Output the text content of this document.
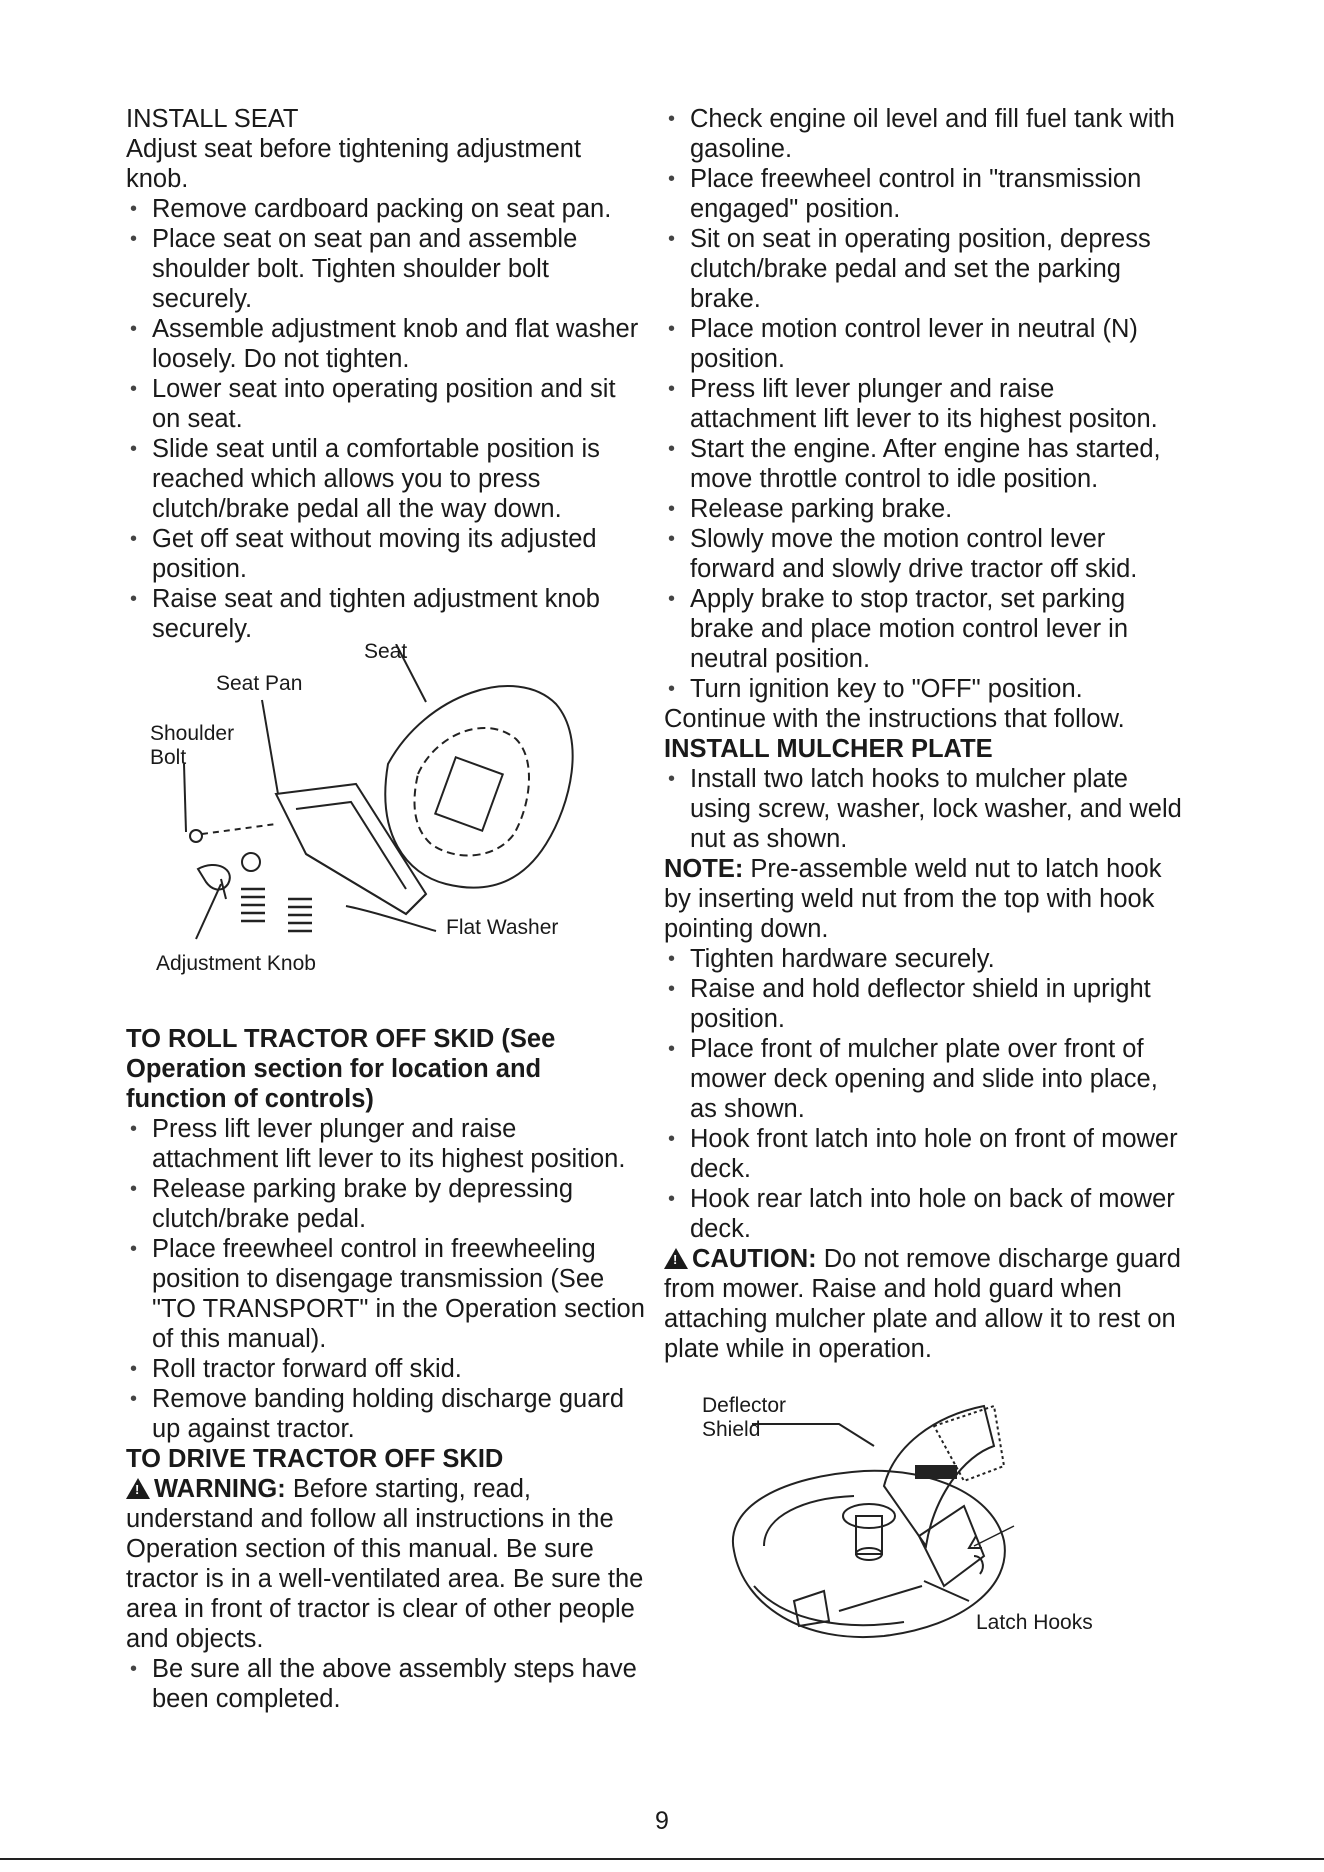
INSTALL SEAT

Adjust seat before tightening adjustment knob.

• Remove cardboard packing on seat pan.
• Place seat on seat pan and assemble shoulder bolt. Tighten shoulder bolt securely.
• Assemble adjustment knob and flat washer loosely. Do not tighten.
• Lower seat into operating position and sit on seat.
• Slide seat until a comfortable position is reached which allows you to press clutch/brake pedal all the way down.
• Get off seat without moving its adjusted position.
• Raise seat and tighten adjustment knob securely.
Seat
Seat Pan
Shoulder
Bolt
Flat Washer
Adjustment Knob

TO ROLL TRACTOR OFF SKID (See Operation section for location and function of controls)

• Press lift lever plunger and raise attachment lift lever to its highest position.
• Release parking brake by depressing clutch/brake pedal.
• Place freewheel control in freewheeling position to disengage transmission (See "TO TRANSPORT" in the Operation section of this manual).
• Roll tractor forward off skid.
• Remove banding holding discharge guard up against tractor.

TO DRIVE TRACTOR OFF SKID

! WARNING: Before starting, read, understand and follow all instructions in the Operation section of this manual. Be sure tractor is in a well-ventilated area. Be sure the area in front of tractor is clear of other people and objects.

• Be sure all the above assembly steps have been completed.
• Check engine oil level and fill fuel tank with gasoline.
• Place freewheel control in "transmission engaged" position.
• Sit on seat in operating position, depress clutch/brake pedal and set the parking brake.
• Place motion control lever in neutral (N) position.
• Press lift lever plunger and raise attachment lift lever to its highest positon.
• Start the engine. After engine has started, move throttle control to idle position.
• Release parking brake.
• Slowly move the motion control lever forward and slowly drive tractor off skid.
• Apply brake to stop tractor, set parking brake and place motion control lever in neutral position.
• Turn ignition key to "OFF" position.

Continue with the instructions that follow.

INSTALL MULCHER PLATE

• Install two latch hooks to mulcher plate using screw, washer, lock washer, and weld nut as shown.

NOTE: Pre-assemble weld nut to latch hook by inserting weld nut from the top with hook pointing down.

• Tighten hardware securely.
• Raise and hold deflector shield in upright position.
• Place front of mulcher plate over front of mower deck opening and slide into place, as shown.
• Hook front latch into hole on front of mower deck.
• Hook rear latch into hole on back of mower deck.

! CAUTION: Do not remove discharge guard from mower. Raise and hold guard when attaching mulcher plate and allow it to rest on plate while in operation.

Deflector
Shield
Latch Hooks
9
